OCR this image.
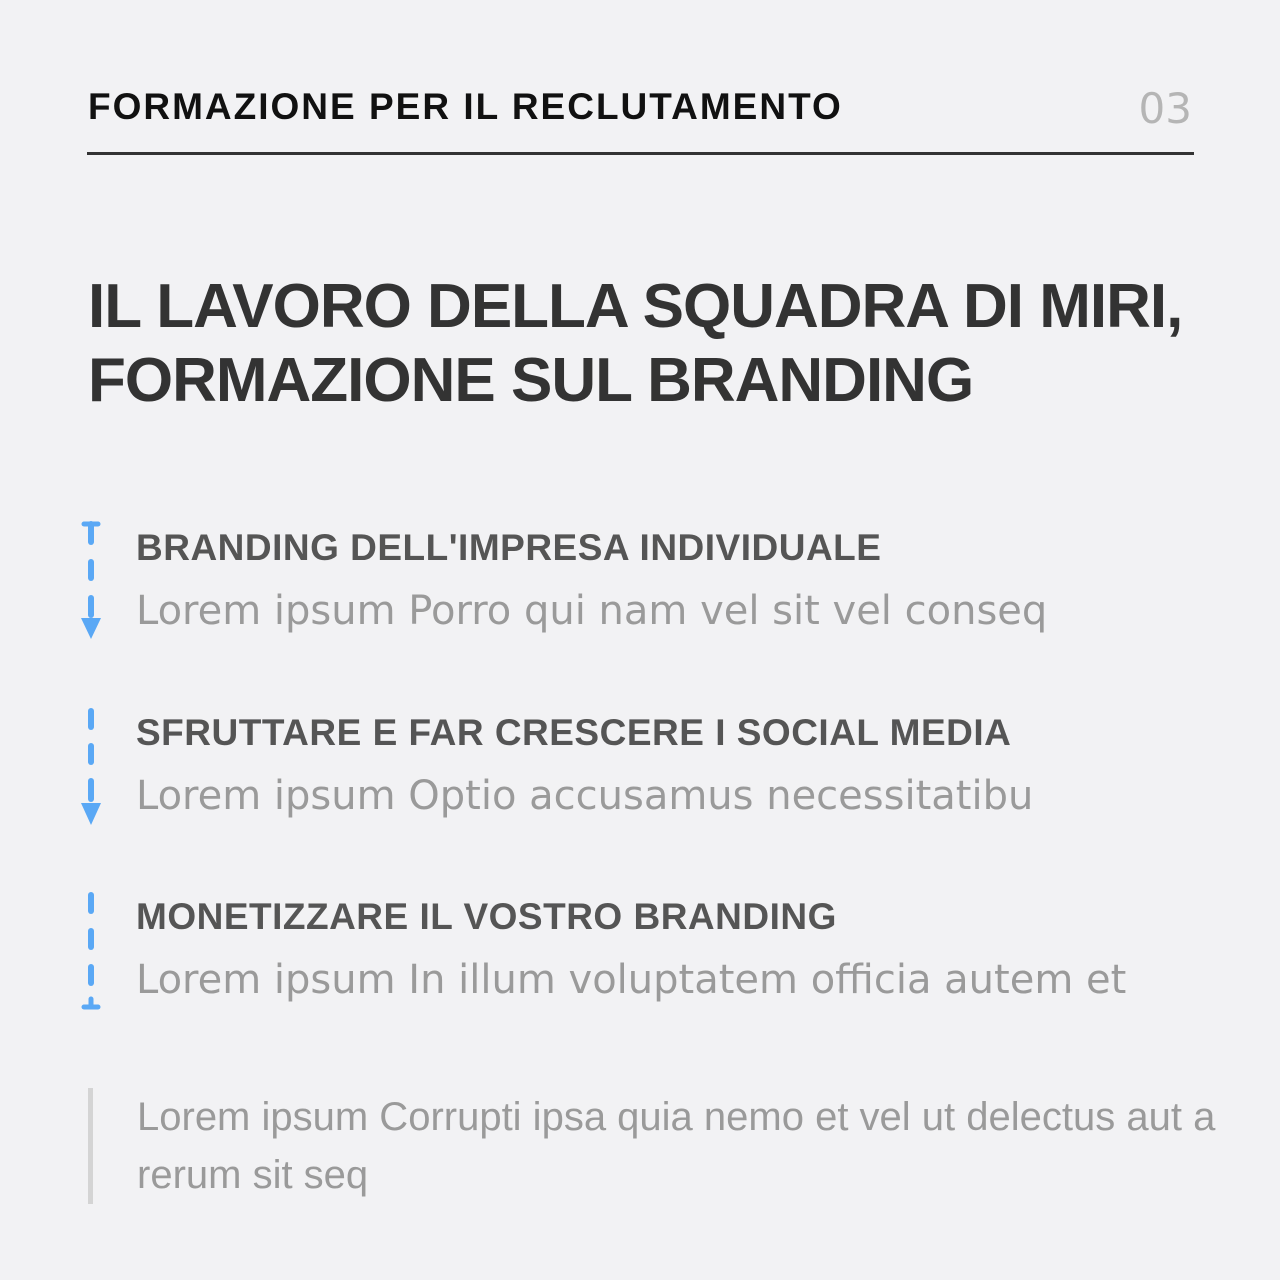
FORMAZIONE PER IL RECLUTAMENTO	03
IL LAVORO DELLA SQUADRA DI MIRI,
FORMAZIONE SUL BRANDING
BRANDING DELL'IMPRESA INDIVIDUALE

Lorem ipsum Porro qui nam vel sit vel conseq

SFRUTTARE E FAR CRESCERE I SOCIAL MEDIA

Lorem ipsum Optio accusamus necessitatibu

MONETIZZARE IL VOSTRO BRANDING

Lorem ipsum In illum voluptatem officia autem et

Lorem ipsum Corrupti ipsa quia nemo et vel ut delectus aut a rerum sit seq
